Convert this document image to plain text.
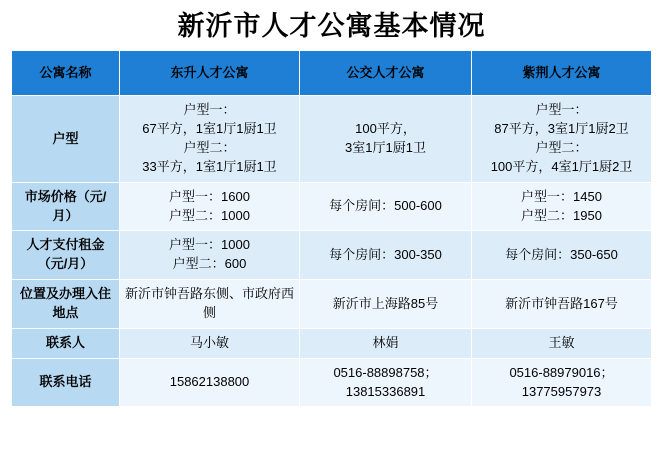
新沂市人才公寓基本情况
公寓名称	东升人才公寓	公交人才公寓	紫荆人才公寓
户型	户型一：
67平方，1室1厅1厨1卫
户型二：
33平方，1室1厅1厨1卫	100平方，
3室1厅1厨1卫	户型一：
87平方，3室1厅1厨2卫
户型二：
100平方，4室1厅1厨2卫

市场价格（元/月）	户型一：1600
户型二：1000	每个房间：500-600	户型一：1450
户型二：1950

人才支付租金（元/月）	户型一：1000
户型二：600	每个房间：300-350	每个房间：350-650

位置及办理入住地点	新沂市钟吾路东侧、市政府西侧	新沂市上海路85号	新沂市钟吾路167号

联系人	马小敏	林娟	王敏

联系电话	15862138800	0516-88898758；
13815336891	0516-88979016；
13775957973
